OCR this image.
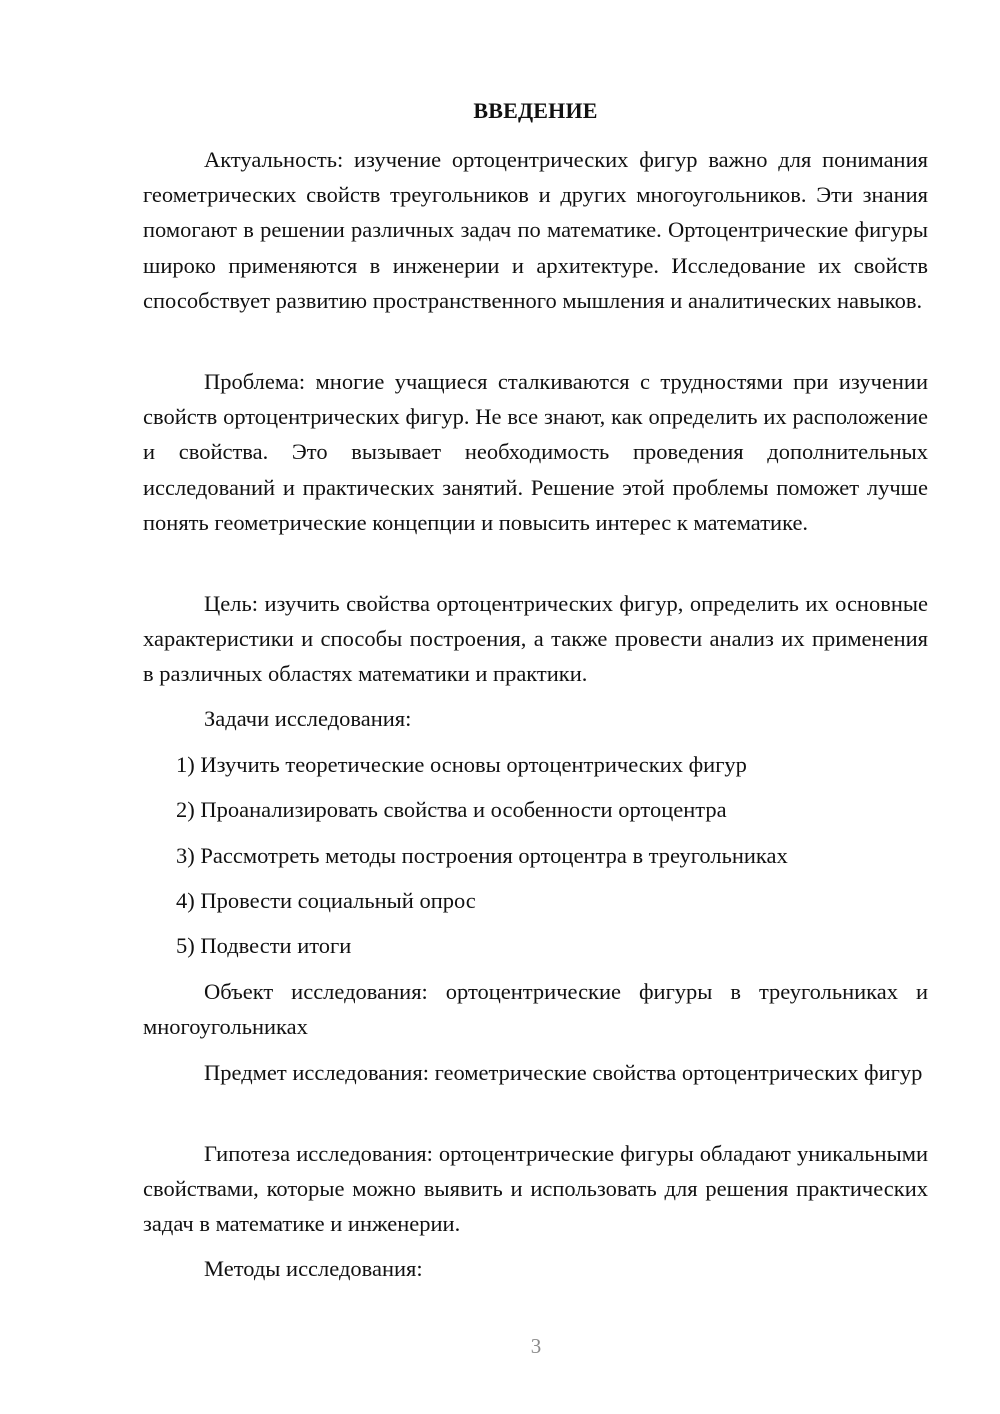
ВВЕДЕНИЕ

Актуальность: изучение ортоцентрических фигур важно для понимания геометрических свойств треугольников и других многоугольников. Эти знания помогают в решении различных задач по математике. Ортоцентрические фигуры широко применяются в инженерии и архитектуре. Исследование их свойств способствует развитию пространственного мышления и аналитических навыков.

Проблема: многие учащиеся сталкиваются с трудностями при изучении свойств ортоцентрических фигур. Не все знают, как определить их расположение и свойства. Это вызывает необходимость проведения дополнительных исследований и практических занятий. Решение этой проблемы поможет лучше понять геометрические концепции и повысить интерес к математике.

Цель: изучить свойства ортоцентрических фигур, определить их основные характеристики и способы построения, а также провести анализ их применения в различных областях математики и практики.

Задачи исследования:

1) Изучить теоретические основы ортоцентрических фигур

2) Проанализировать свойства и особенности ортоцентра

3) Рассмотреть методы построения ортоцентра в треугольниках

4) Провести социальный опрос

5) Подвести итоги

Объект исследования: ортоцентрические фигуры в треугольниках и многоугольниках

Предмет исследования: геометрические свойства ортоцентрических фигур

Гипотеза исследования: ортоцентрические фигуры обладают уникальными свойствами, которые можно выявить и использовать для решения практических задач в математике и инженерии.

Методы исследования:

3
